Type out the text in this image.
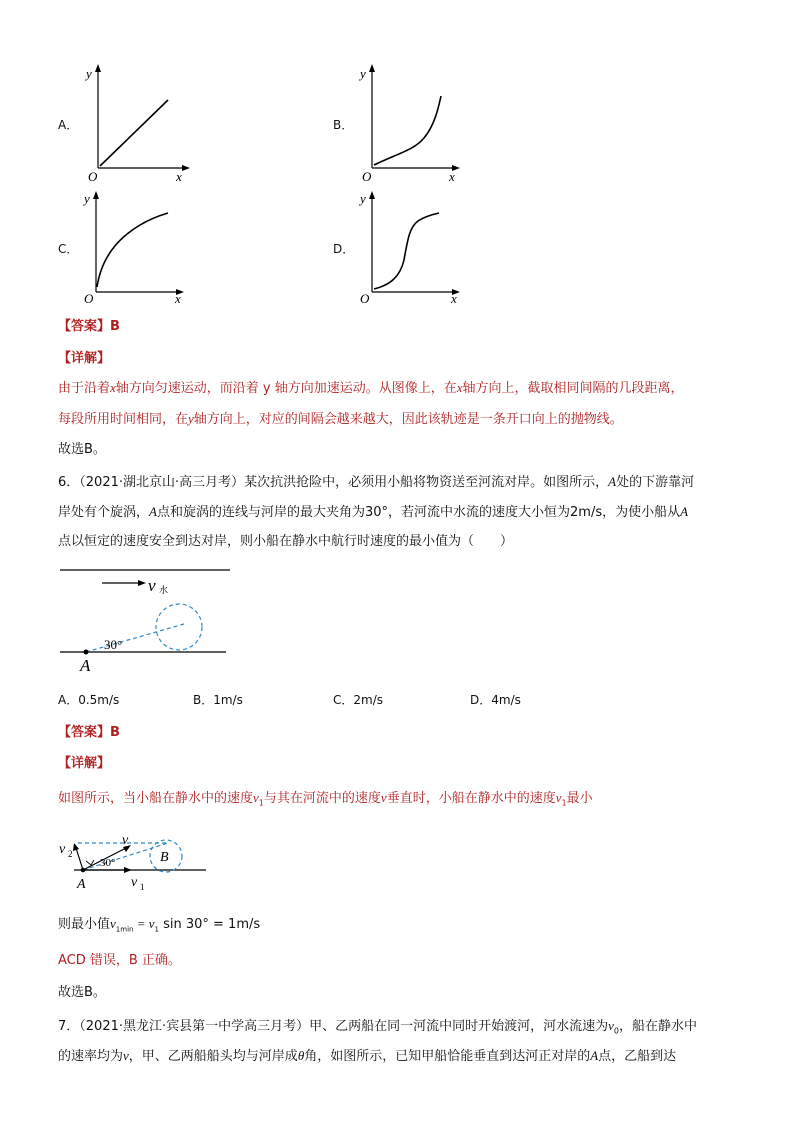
A．
y
x
O
B．
y
x
O
C．
y
x
O
D．
y
x
O
【答案】B
【详解】
由于沿着x轴方向匀速运动，而沿着 y 轴方向加速运动。从图像上，在x轴方向上，截取相同间隔的几段距离，
每段所用时间相同，在y轴方向上，对应的间隔会越来越大，因此该轨迹是一条开口向上的抛物线。
故选B。
6．（2021·湖北京山·高三月考）某次抗洪抢险中，必须用小船将物资送至河流对岸。如图所示，A处的下游靠河
岸处有个旋涡，A点和旋涡的连线与河岸的最大夹角为30°，若河流中水流的速度大小恒为2m/s，为使小船从A
点以恒定的速度安全到达对岸，则小船在静水中航行时速度的最小值为（　　）
v 水
30°
A
A．0.5m/s	B．1m/s	C．2m/s	D．4m/s
【答案】B
【详解】
如图所示，当小船在静水中的速度$v_1$与其在河流中的速度v垂直时，小船在静水中的速度$v_1$最小
v 2
v
30°	B
A	v 1
则最小值$v_{1min} = v_1$ sin 30° = 1m/s
ACD 错误，B 正确。
故选B。
7．（2021·黑龙江·宾县第一中学高三月考）甲、乙两船在同一河流中同时开始渡河，河水流速为$v_0$，船在静水中
的速率均为v，甲、乙两船船头均与河岸成θ角，如图所示，已知甲船恰能垂直到达河正对岸的A点，乙船到达
